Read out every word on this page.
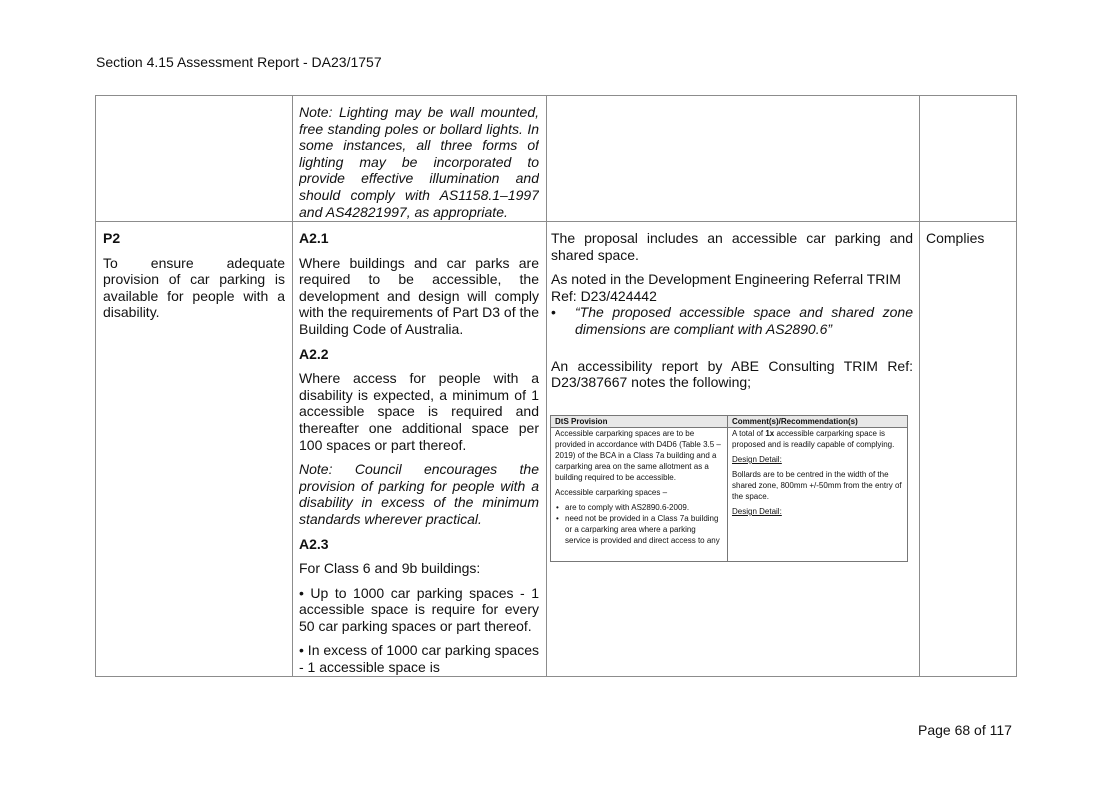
Section 4.15 Assessment Report - DA23/1757
Note: Lighting may be wall mounted, free standing poles or bollard lights. In some instances, all three forms of lighting may be incorporated to provide effective illumination and should comply with AS1158.1–1997 and AS42821997, as appropriate.

P2

To ensure adequate provision of car parking is available for people with a disability.

A2.1

Where buildings and car parks are required to be accessible, the development and design will comply with the requirements of Part D3 of the Building Code of Australia.

A2.2

Where access for people with a disability is expected, a minimum of 1 accessible space is required and thereafter one additional space per 100 spaces or part thereof.

Note: Council encourages the provision of parking for people with a disability in excess of the minimum standards wherever practical.

A2.3

For Class 6 and 9b buildings:

• Up to 1000 car parking spaces - 1 accessible space is require for every 50 car parking spaces or part thereof.

• In excess of 1000 car parking spaces - 1 accessible space is

The proposal includes an accessible car parking and shared space.

As noted in the Development Engineering Referral TRIM Ref: D23/424442

• “The proposed accessible space and shared zone dimensions are compliant with AS2890.6”

An accessibility report by ABE Consulting TRIM Ref: D23/387667 notes the following;

Complies
DtS Provision

Accessible carparking spaces are to be provided in accordance with D4D6 (Table 3.5 – 2019) of the BCA in a Class 7a building and a carparking area on the same allotment as a building required to be accessible.

Accessible carparking spaces –

• are to comply with AS2890.6-2009.
• need not be provided in a Class 7a building or a carparking area where a parking service is provided and direct access to any
Comment(s)/Recommendation(s)

A total of 1x accessible carparking space is proposed and is readily capable of complying.

Design Detail:

Bollards are to be centred in the width of the shared zone, 800mm +/-50mm from the entry of the space.

Design Detail:

Page 68 of 117
